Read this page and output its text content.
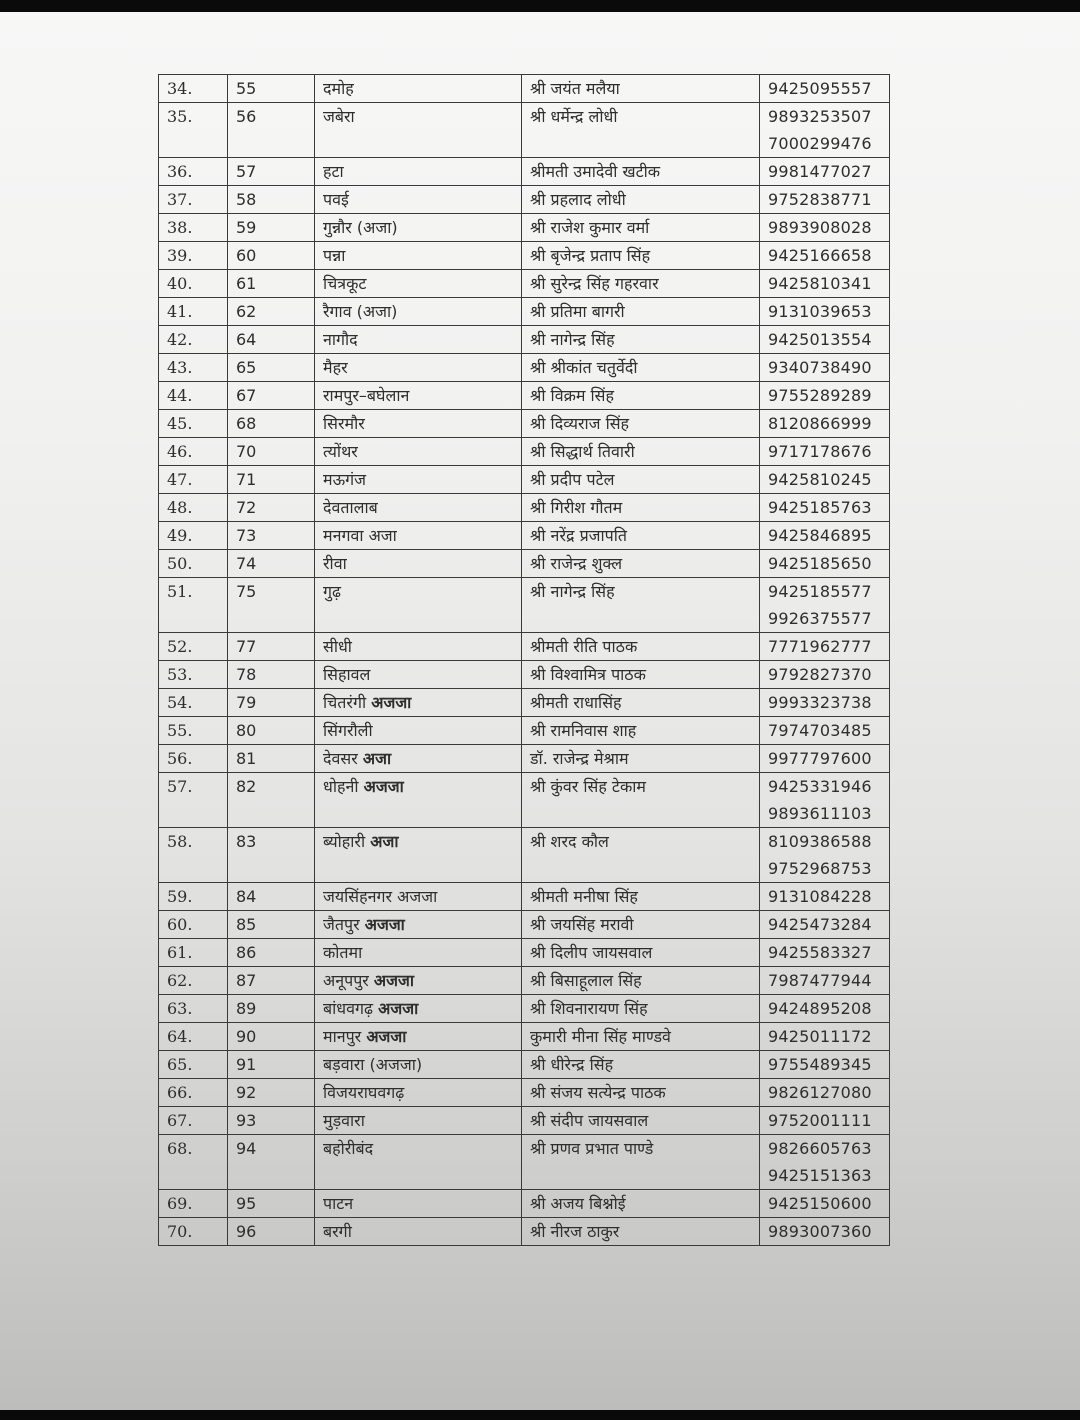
34.	55	दमोह	श्री जयंत मलैया	9425095557

35.	56	जबेरा	श्री धर्मेन्द्र लोधी	9893253507
7000299476

36.	57	हटा	श्रीमती उमादेवी खटीक	9981477027

37.	58	पवई	श्री प्रहलाद लोधी	9752838771

38.	59	गुन्नौर (अजा)	श्री राजेश कुमार वर्मा	9893908028

39.	60	पन्ना	श्री बृजेन्द्र प्रताप सिंह	9425166658

40.	61	चित्रकूट	श्री सुरेन्द्र सिंह गहरवार	9425810341

41.	62	रैगाव (अजा)	श्री प्रतिमा बागरी	9131039653

42.	64	नागौद	श्री नागेन्द्र सिंह	9425013554

43.	65	मैहर	श्री श्रीकांत चतुर्वेदी	9340738490

44.	67	रामपुर–बघेलान	श्री विक्रम सिंह	9755289289

45.	68	सिरमौर	श्री दिव्यराज सिंह	8120866999

46.	70	त्योंथर	श्री सिद्धार्थ तिवारी	9717178676

47.	71	मऊगंज	श्री प्रदीप पटेल	9425810245

48.	72	देवतालाब	श्री गिरीश गौतम	9425185763

49.	73	मनगवा अजा	श्री नरेंद्र प्रजापति	9425846895

50.	74	रीवा	श्री राजेन्द्र शुक्ल	9425185650

51.	75	गुढ़	श्री नागेन्द्र सिंह	9425185577
9926375577

52.	77	सीधी	श्रीमती रीति पाठक	7771962777

53.	78	सिहावल	श्री विश्वामित्र पाठक	9792827370

54.	79	चितरंगी अजजा	श्रीमती राधासिंह	9993323738

55.	80	सिंगरौली	श्री रामनिवास शाह	7974703485

56.	81	देवसर अजा	डॉ. राजेन्द्र मेश्राम	9977797600

57.	82	धोहनी अजजा	श्री कुंवर सिंह टेकाम	9425331946
9893611103

58.	83	ब्योहारी अजा	श्री शरद कौल	8109386588
9752968753

59.	84	जयसिंहनगर अजजा	श्रीमती मनीषा सिंह	9131084228

60.	85	जैतपुर अजजा	श्री जयसिंह मरावी	9425473284

61.	86	कोतमा	श्री दिलीप जायसवाल	9425583327

62.	87	अनूपपुर अजजा	श्री बिसाहूलाल सिंह	7987477944

63.	89	बांधवगढ़ अजजा	श्री शिवनारायण सिंह	9424895208

64.	90	मानपुर अजजा	कुमारी मीना सिंह माण्डवे	9425011172

65.	91	बड़वारा (अजजा)	श्री धीरेन्द्र सिंह	9755489345

66.	92	विजयराघवगढ़	श्री संजय सत्येन्द्र पाठक	9826127080

67.	93	मुड़वारा	श्री संदीप जायसवाल	9752001111

68.	94	बहोरीबंद	श्री प्रणव प्रभात पाण्डे	9826605763
9425151363

69.	95	पाटन	श्री अजय बिश्नोई	9425150600

70.	96	बरगी	श्री नीरज ठाकुर	9893007360
